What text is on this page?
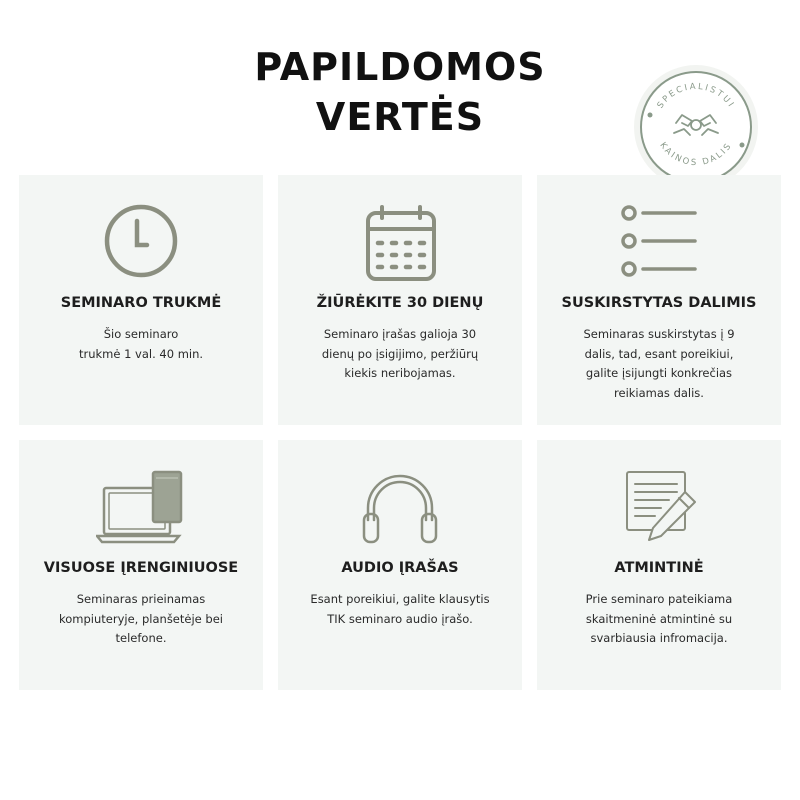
PAPILDOMOS
VERTĖS	SPECIALISTUI
KAINOS DALIS
SEMINARO TRUKMĖ

Šio seminaro
trukmė 1 val. 40 min.

ŽIŪRĖKITE 30 DIENŲ

Seminaro įrašas galioja 30
dienų po įsigijimo, peržiūrų
kiekis neribojamas.

SUSKIRSTYTAS DALIMIS

Seminaras suskirstytas į 9
dalis, tad, esant poreikiui,
galite įsijungti konkrečias
reikiamas dalis.

VISUOSE ĮRENGINIUOSE

Seminaras prieinamas
kompiuteryje, planšetėje bei
telefone.

AUDIO ĮRAŠAS

Esant poreikiui, galite klausytis
TIK seminaro audio įrašo.

ATMINTINĖ

Prie seminaro pateikiama
skaitmeninė atmintinė su
svarbiausia infromacija.
